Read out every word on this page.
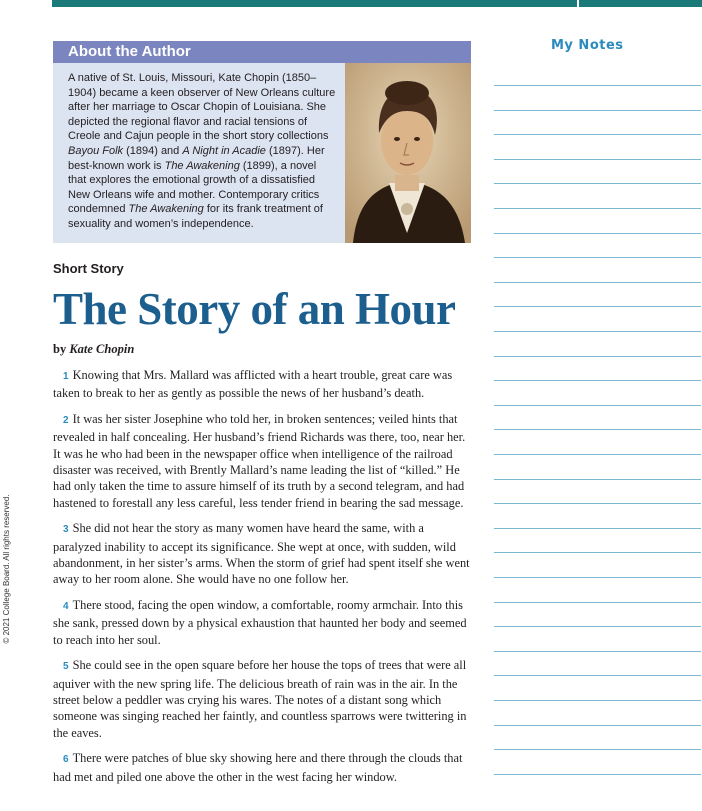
© 2021 College Board. All rights reserved.
About the Author
A native of St. Louis, Missouri, Kate Chopin (1850–
1904) became a keen observer of New Orleans culture
after her marriage to Oscar Chopin of Louisiana. She
depicted the regional flavor and racial tensions of
Creole and Cajun people in the short story collections
Bayou Folk (1894) and A Night in Acadie (1897). Her
best-known work is The Awakening (1899), a novel
that explores the emotional growth of a dissatisfied
New Orleans wife and mother. Contemporary critics
condemned The Awakening for its frank treatment of
sexuality and women’s independence.
Short Story
The Story of an Hour
by Kate Chopin

1 Knowing that Mrs. Mallard was afflicted with a heart trouble, great care was taken to break to her as gently as possible the news of her husband’s death.

2 It was her sister Josephine who told her, in broken sentences; veiled hints that revealed in half concealing. Her husband’s friend Richards was there, too, near her. It was he who had been in the newspaper office when intelligence of the railroad disaster was received, with Brently Mallard’s name leading the list of “killed.” He had only taken the time to assure himself of its truth by a second telegram, and had hastened to forestall any less careful, less tender friend in bearing the sad message.

3 She did not hear the story as many women have heard the same, with a paralyzed inability to accept its significance. She wept at once, with sudden, wild abandonment, in her sister’s arms. When the storm of grief had spent itself she went away to her room alone. She would have no one follow her.

4 There stood, facing the open window, a comfortable, roomy armchair. Into this she sank, pressed down by a physical exhaustion that haunted her body and seemed to reach into her soul.

5 She could see in the open square before her house the tops of trees that were all aquiver with the new spring life. The delicious breath of rain was in the air. In the street below a peddler was crying his wares. The notes of a distant song which someone was singing reached her faintly, and countless sparrows were twittering in the eaves.

6 There were patches of blue sky showing here and there through the clouds that had met and piled one above the other in the west facing her window.

My Notes
